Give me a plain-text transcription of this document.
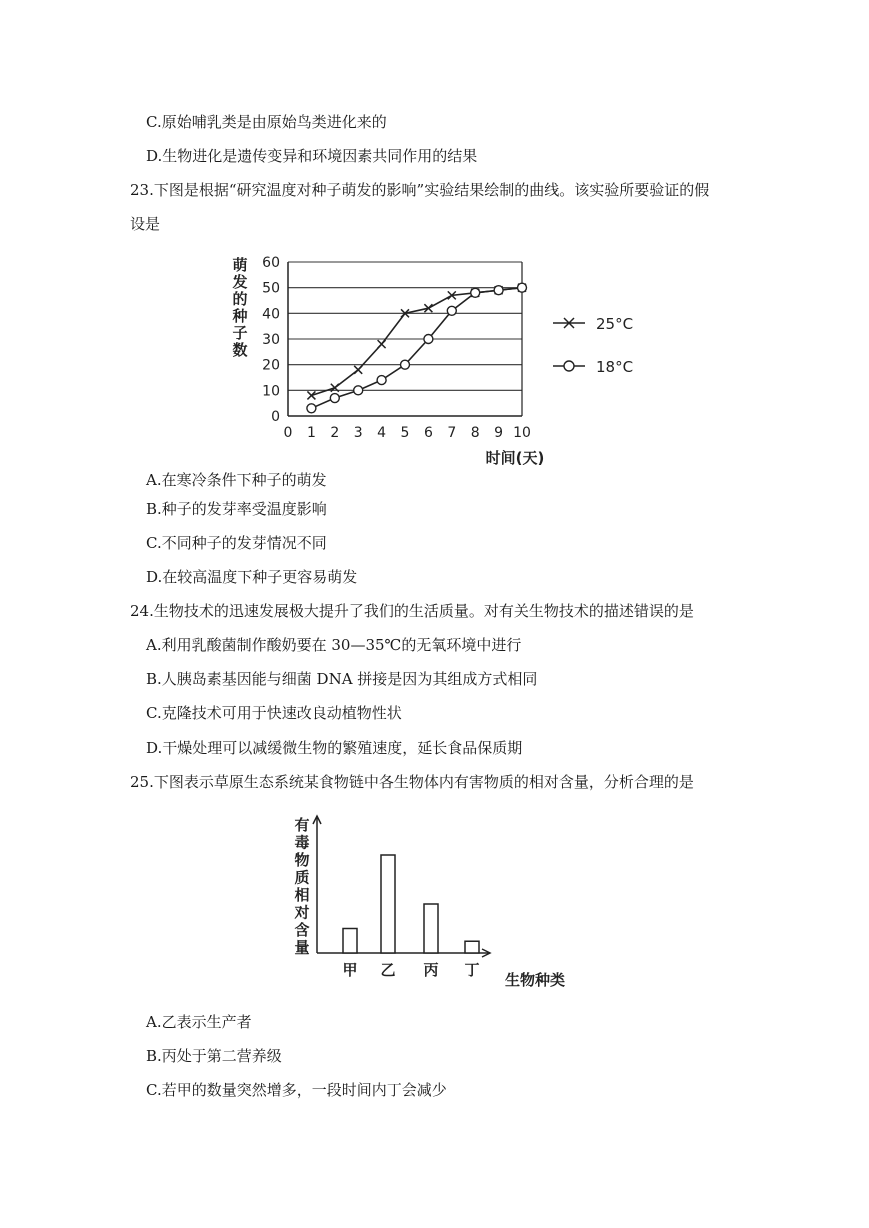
C.原始哺乳类是由原始鸟类进化来的
D.生物进化是遗传变异和环境因素共同作用的结果
23.下图是根据“研究温度对种子萌发的影响”实验结果绘制的曲线。该实验所要验证的假
设是
萌
发
的
种
子
数
0
10
20
30
40
50
60
0 1 2 3 4 5 6 7 8 9 10
25°C
18°C
时间(天)
A.在寒冷条件下种子的萌发
B.种子的发芽率受温度影响
C.不同种子的发芽情况不同
D.在较高温度下种子更容易萌发
24.生物技术的迅速发展极大提升了我们的生活质量。对有关生物技术的描述错误的是
A.利用乳酸菌制作酸奶要在 30—35℃的无氧环境中进行
B.人胰岛素基因能与细菌 DNA 拼接是因为其组成方式相同
C.克隆技术可用于快速改良动植物性状
D.干燥处理可以减缓微生物的繁殖速度，延长食品保质期
25.下图表示草原生态系统某食物链中各生物体内有害物质的相对含量，分析合理的是
有
毒
物
质
相
对
含
量
甲 乙 丙 丁
生物种类
A.乙表示生产者
B.丙处于第二营养级
C.若甲的数量突然增多，一段时间内丁会减少
